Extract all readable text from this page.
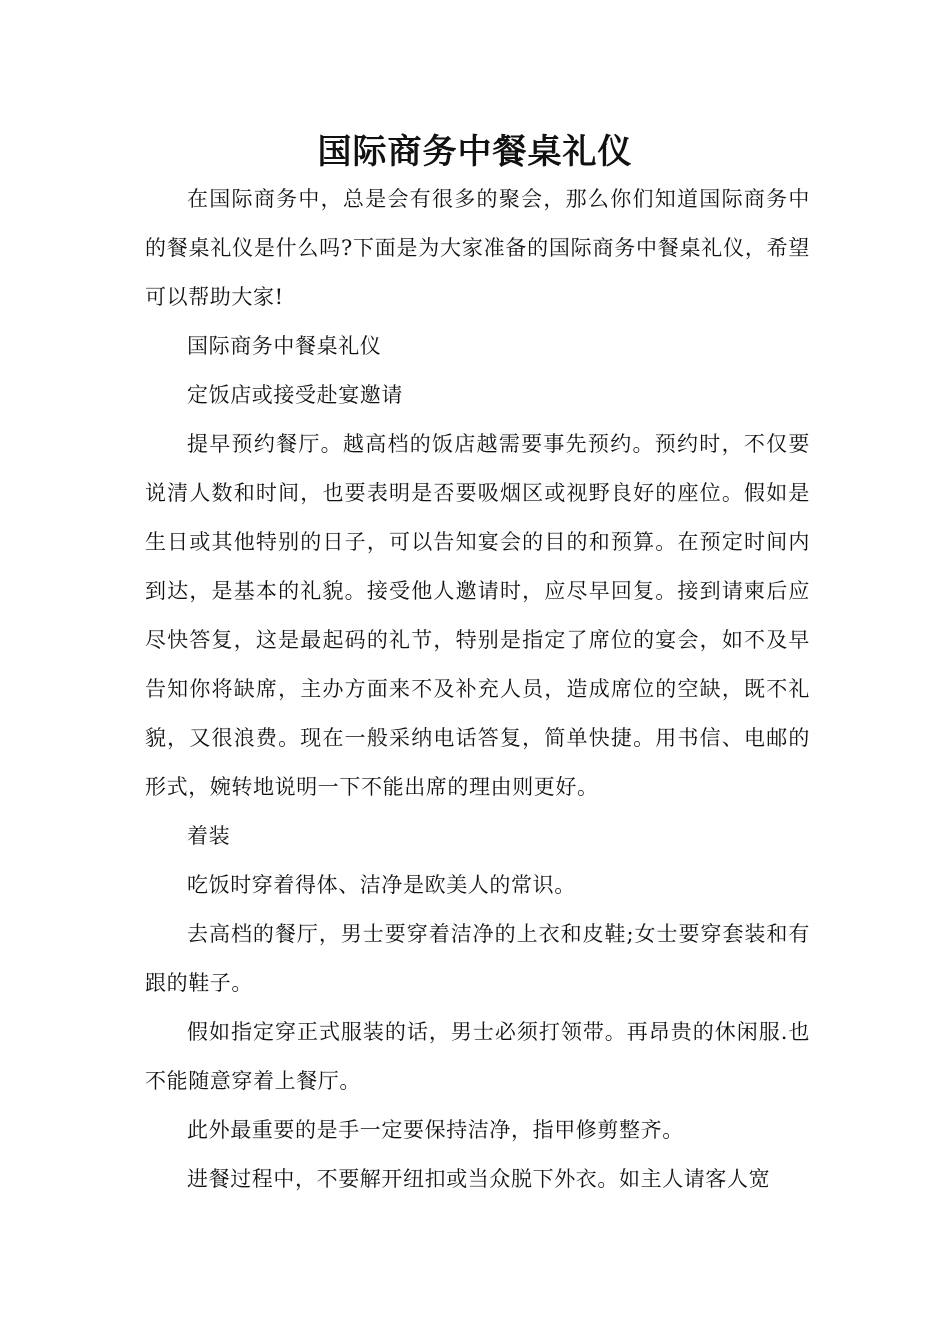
国际商务中餐桌礼仪

在国际商务中，总是会有很多的聚会，那么你们知道国际商务中的餐桌礼仪是什么吗?下面是为大家准备的国际商务中餐桌礼仪，希望可以帮助大家!

国际商务中餐桌礼仪

定饭店或接受赴宴邀请

提早预约餐厅。越高档的饭店越需要事先预约。预约时，不仅要说清人数和时间，也要表明是否要吸烟区或视野良好的座位。假如是生日或其他特别的日子，可以告知宴会的目的和预算。在预定时间内到达，是基本的礼貌。接受他人邀请时，应尽早回复。接到请柬后应尽快答复，这是最起码的礼节，特别是指定了席位的宴会，如不及早告知你将缺席，主办方面来不及补充人员，造成席位的空缺，既不礼貌，又很浪费。现在一般采纳电话答复，简单快捷。用书信、电邮的形式，婉转地说明一下不能出席的理由则更好。

着装

吃饭时穿着得体、洁净是欧美人的常识。

去高档的餐厅，男士要穿着洁净的上衣和皮鞋;女士要穿套装和有跟的鞋子。

假如指定穿正式服装的话，男士必须打领带。再昂贵的休闲服.也不能随意穿着上餐厅。

此外最重要的是手一定要保持洁净，指甲修剪整齐。

进餐过程中，不要解开纽扣或当众脱下外衣。如主人请客人宽
